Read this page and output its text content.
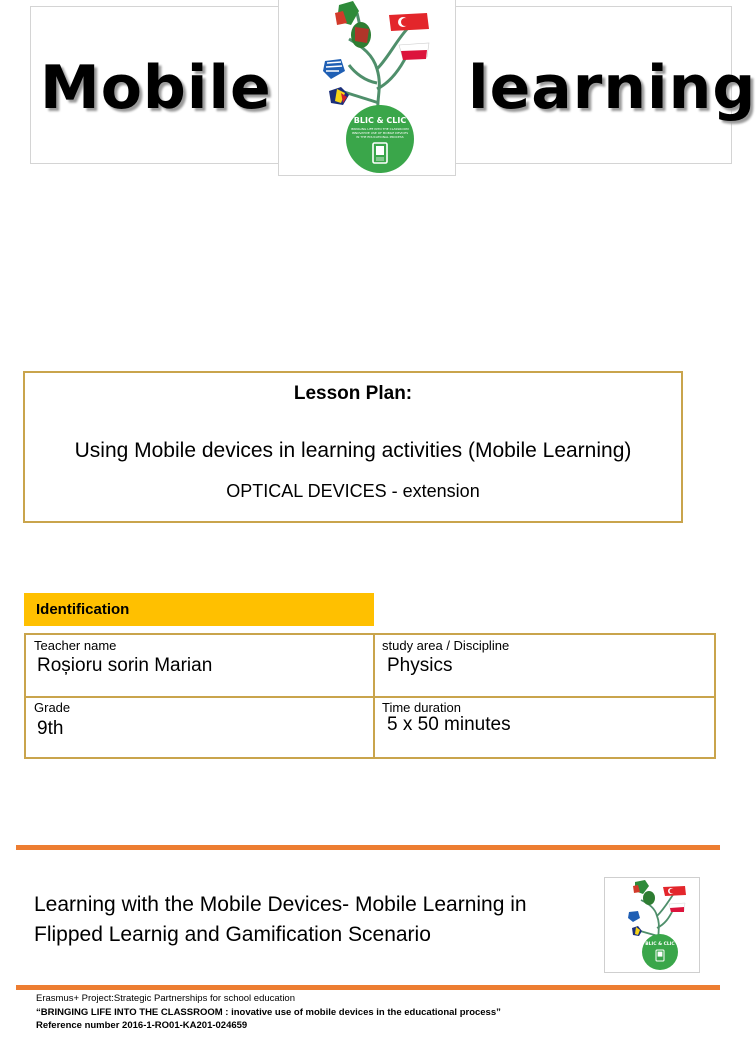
Mobile	learning
BLIC & CLIC
BRINGING LIFE INTO THE CLASSROOM
INNOVATIVE USE OF MOBILE DEVICES
IN THE EDUCATIONAL PROCESS
Lesson Plan:
Using Mobile devices in learning activities (Mobile Learning)
OPTICAL DEVICES - extension
Identification
Teacher name
Roșioru sorin Marian
study area / Discipline
Physics
Grade
9th
Time duration
5 x 50 minutes
Learning with the Mobile Devices- Mobile Learning in
Flipped Learnig and Gamification Scenario	BLIC & CLIC
Erasmus+ Project:Strategic Partnerships for school education
“BRINGING LIFE INTO THE CLASSROOM : inovative use of mobile devices in the educational process”
Reference number 2016-1-RO01-KA201-024659
